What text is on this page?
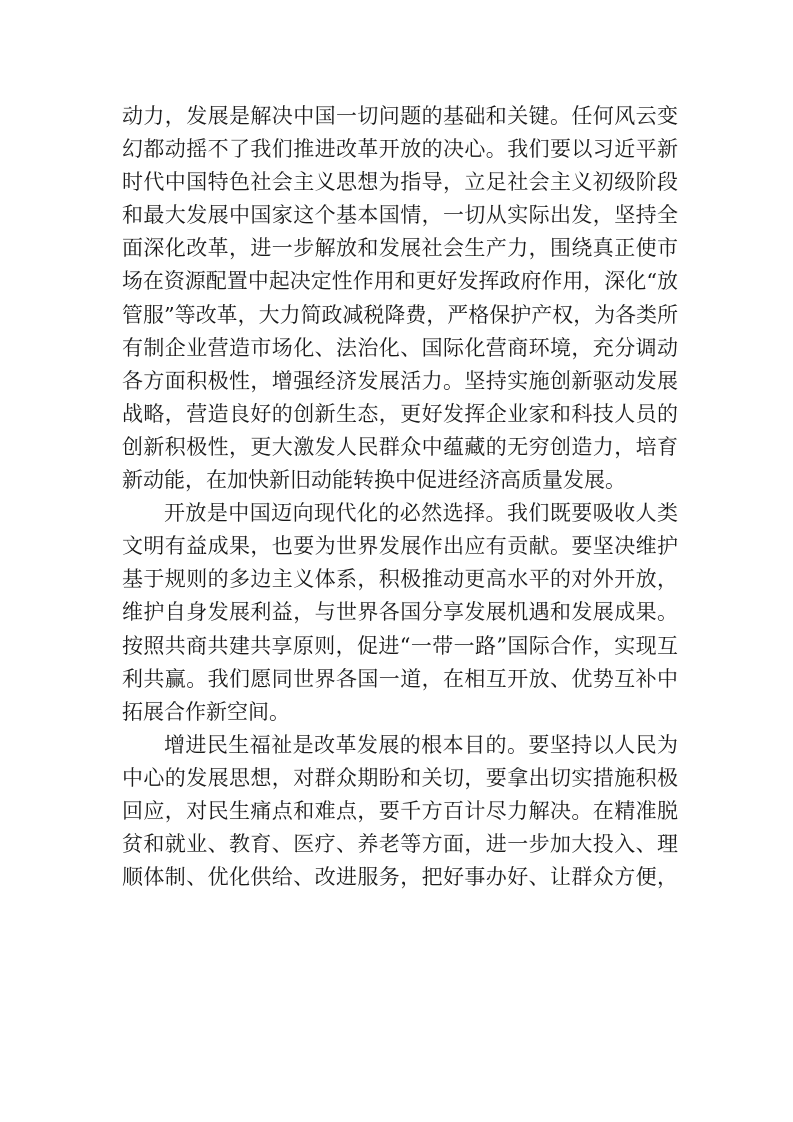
动力，发展是解决中国一切问题的基础和关键。任何风云变
幻都动摇不了我们推进改革开放的决心。我们要以习近平新
时代中国特色社会主义思想为指导，立足社会主义初级阶段
和最大发展中国家这个基本国情，一切从实际出发，坚持全
面深化改革，进一步解放和发展社会生产力，围绕真正使市
场在资源配置中起决定性作用和更好发挥政府作用，深化“放
管服”等改革，大力简政减税降费，严格保护产权，为各类所
有制企业营造市场化、法治化、国际化营商环境，充分调动
各方面积极性，增强经济发展活力。坚持实施创新驱动发展
战略，营造良好的创新生态，更好发挥企业家和科技人员的
创新积极性，更大激发人民群众中蕴藏的无穷创造力，培育
新动能，在加快新旧动能转换中促进经济高质量发展。
开放是中国迈向现代化的必然选择。我们既要吸收人类
文明有益成果，也要为世界发展作出应有贡献。要坚决维护
基于规则的多边主义体系，积极推动更高水平的对外开放，
维护自身发展利益，与世界各国分享发展机遇和发展成果。
按照共商共建共享原则，促进“一带一路”国际合作，实现互
利共赢。我们愿同世界各国一道，在相互开放、优势互补中
拓展合作新空间。
增进民生福祉是改革发展的根本目的。要坚持以人民为
中心的发展思想，对群众期盼和关切，要拿出切实措施积极
回应，对民生痛点和难点，要千方百计尽力解决。在精准脱
贫和就业、教育、医疗、养老等方面，进一步加大投入、理
顺体制、优化供给、改进服务，把好事办好、让群众方便，
